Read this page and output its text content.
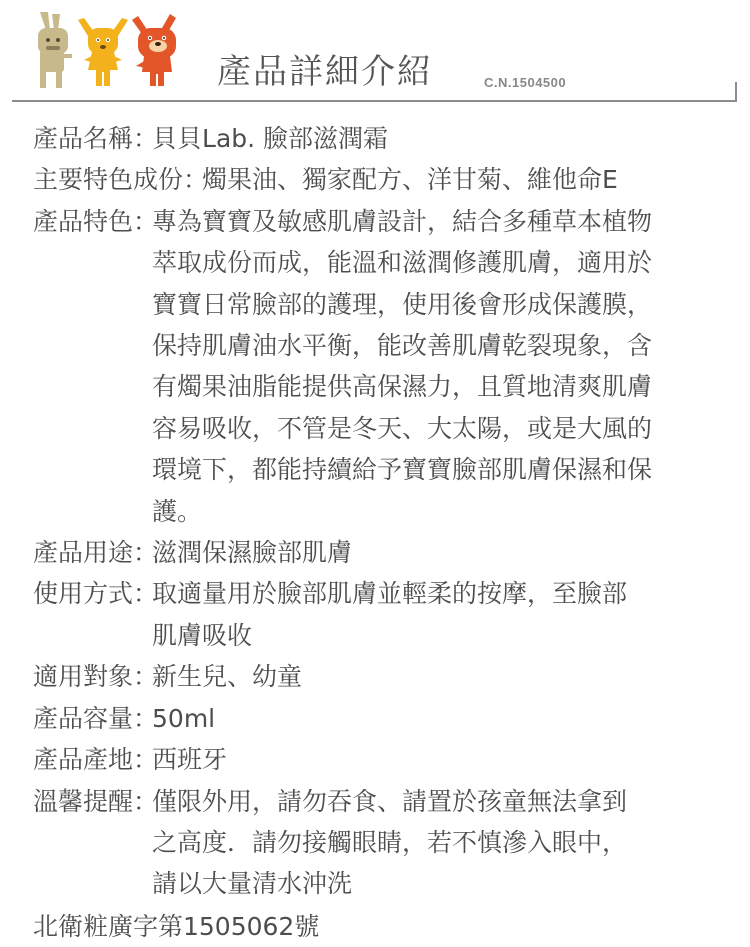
產品詳細介紹	C.N.1504500
產品名稱 ：
貝貝Lab. 臉部滋潤霜
主要特色成份 ：
燭果油、獨家配方、洋甘菊、維他命E
產品特色 ：
專為寶寶及敏感肌膚設計，結合多種草本植物
萃取成份而成，能溫和滋潤修護肌膚，適用於
寶寶日常臉部的護理，使用後會形成保護膜，
保持肌膚油水平衡，能改善肌膚乾裂現象，含
有燭果油脂能提供高保濕力，且質地清爽肌膚
容易吸收，不管是冬天、大太陽，或是大風的
環境下，都能持續給予寶寶臉部肌膚保濕和保
護。
產品用途 ：
滋潤保濕臉部肌膚
使用方式 ：
取適量用於臉部肌膚並輕柔的按摩，至臉部
肌膚吸收
適用對象 ：
新生兒、幼童
產品容量 ：
50ml
產品產地 ：
西班牙
溫馨提醒 ：
僅限外用，請勿吞食、請置於孩童無法拿到
之高度．請勿接觸眼睛，若不慎滲入眼中，
請以大量清水沖洗
北衛粧廣字第1505062號
